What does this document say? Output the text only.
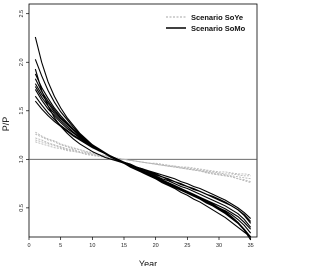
0	5	10	15	20	25	30	35
0.5
1.0
1.5
2.0
2.5
Year
P/P
Scenario SoYe
Scenario SoMo
